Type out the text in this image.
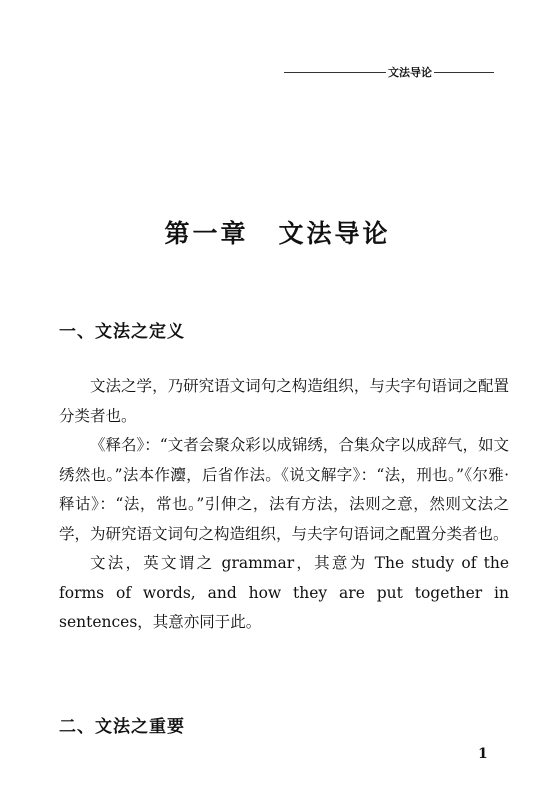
文法导论
第一章 文法导论
一、文法之定义

文法之学，乃研究语文词句之构造组织，与夫字句语词之配置分类者也。

《释名》：“文者会聚众彩以成锦绣，合集众字以成辞气，如文绣然也。”法本作灋，后省作法。《说文解字》：“法，刑也。”《尔雅·释诂》：“法，常也。”引伸之，法有方法，法则之意，然则文法之学，为研究语文词句之构造组织，与夫字句语词之配置分类者也。

文法，英文谓之 grammar，其意为 The study of the forms of words, and how they are put together in sentences，其意亦同于此。

二、文法之重要
1
